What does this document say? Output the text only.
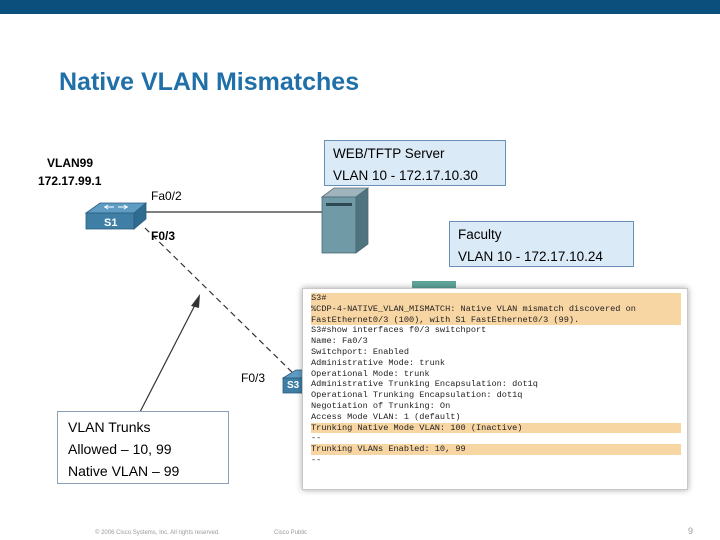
Native VLAN Mismatches
VLAN99
172.17.99.1
Fa0/2
F0/3
S1
F0/3
S3
WEB/TFTP Server
VLAN 10 - 172.17.10.30
Faculty
VLAN 10 - 172.17.10.24
S3#
%CDP-4-NATIVE_VLAN_MISMATCH: Native VLAN mismatch discovered on
FastEthernet0/3 (100), with S1 FastEthernet0/3 (99).
S3#show interfaces f0/3 switchport
Name: Fa0/3
Switchport: Enabled
Administrative Mode: trunk
Operational Mode: trunk
Administrative Trunking Encapsulation: dot1q
Operational Trunking Encapsulation: dot1q
Negotiation of Trunking: On
Access Mode VLAN: 1 (default)
Trunking Native Mode VLAN: 100 (Inactive)
--
Trunking VLANs Enabled: 10, 99
--
VLAN Trunks
Allowed – 10, 99
Native VLAN – 99
© 2006 Cisco Systems, Inc. All rights reserved.	Cisco Public	9
